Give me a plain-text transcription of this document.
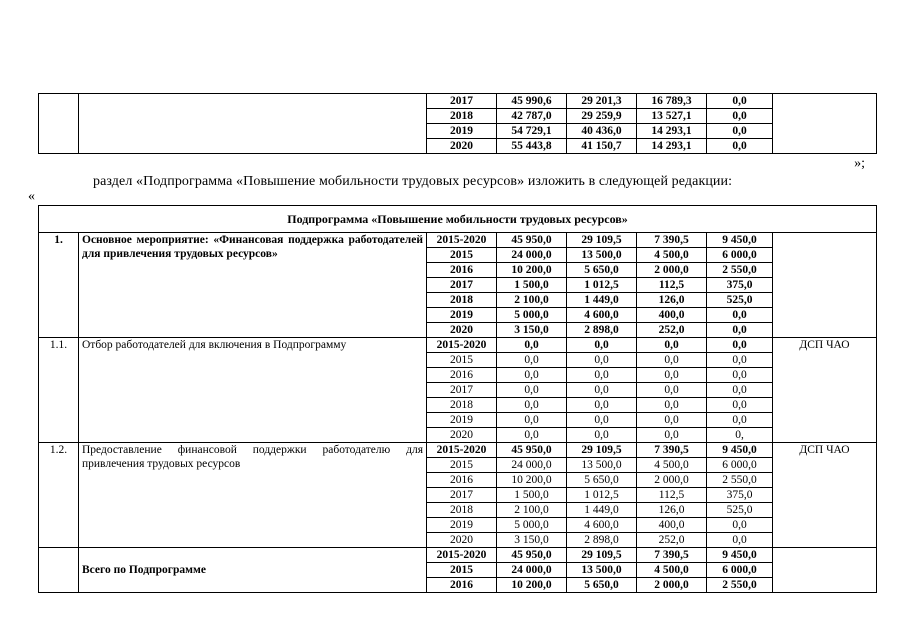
		2017	45 990,6	29 201,3	16 789,3	0,0	
		2018	42 787,0	29 259,9	13 527,1	0,0	
		2019	54 729,1	40 436,0	14 293,1	0,0	
		2020	55 443,8	41 150,7	14 293,1	0,0	
»;
раздел «Подпрограмма «Повышение мобильности трудовых ресурсов» изложить в следующей редакции:
«
Подпрограмма «Повышение мобильности трудовых ресурсов»							
1.	Основное мероприятие: «Финансовая поддержка работодателей для привлечения трудовых ресурсов»	2015-2020	45 950,0	29 109,5	7 390,5	9 450,0	
		2015	24 000,0	13 500,0	4 500,0	6 000,0	
		2016	10 200,0	5 650,0	2 000,0	2 550,0	
		2017	1 500,0	1 012,5	112,5	375,0	
		2018	2 100,0	1 449,0	126,0	525,0	
		2019	5 000,0	4 600,0	400,0	0,0	
		2020	3 150,0	2 898,0	252,0	0,0	
1.1.	Отбор работодателей для включения в Подпрограмму	2015-2020	0,0	0,0	0,0	0,0	ДСП ЧАО
		2015	0,0	0,0	0,0	0,0	
		2016	0,0	0,0	0,0	0,0	
		2017	0,0	0,0	0,0	0,0	
		2018	0,0	0,0	0,0	0,0	
		2019	0,0	0,0	0,0	0,0	
		2020	0,0	0,0	0,0	0,	
1.2.	Предоставление финансовой поддержки работодателю для привлечения трудовых ресурсов	2015-2020	45 950,0	29 109,5	7 390,5	9 450,0	ДСП ЧАО
		2015	24 000,0	13 500,0	4 500,0	6 000,0	
		2016	10 200,0	5 650,0	2 000,0	2 550,0	
		2017	1 500,0	1 012,5	112,5	375,0	
		2018	2 100,0	1 449,0	126,0	525,0	
		2019	5 000,0	4 600,0	400,0	0,0	
		2020	3 150,0	2 898,0	252,0	0,0	
	Всего по Подпрограмме	2015-2020	45 950,0	29 109,5	7 390,5	9 450,0	
		2015	24 000,0	13 500,0	4 500,0	6 000,0	
		2016	10 200,0	5 650,0	2 000,0	2 550,0	
